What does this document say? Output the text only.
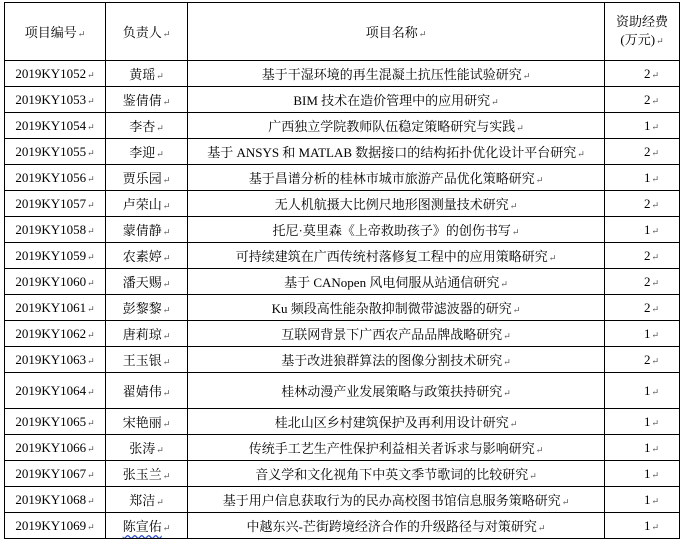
项目编号↵	负责人↵	项目名称↵	资助经费
(万元)↵

2019KY1052↵	黄瑶↵	基于干湿环境的再生混凝土抗压性能试验研究↵	2↵
2019KY1053↵	鉴倩倩↵	BIM 技术在造价管理中的应用研究↵	2↵
2019KY1054↵	李杏↵	广西独立学院教师队伍稳定策略研究与实践↵	1↵
2019KY1055↵	李迎↵	基于 ANSYS 和 MATLAB 数据接口的结构拓扑优化设计平台研究↵	2↵
2019KY1056↵	贾乐园↵	基于昌谱分析的桂林市城市旅游产品优化策略研究↵	1↵
2019KY1057↵	卢荣山↵	无人机航摄大比例尺地形图测量技术研究↵	2↵
2019KY1058↵	蒙倩静↵	托尼·莫里森《上帝救助孩子》的创伤书写↵	1↵
2019KY1059↵	农素婷↵	可持续建筑在广西传统村落修复工程中的应用策略研究↵	2↵
2019KY1060↵	潘天赐↵	基于 CANopen 风电伺服从站通信研究↵	2↵
2019KY1061↵	彭黎黎↵	Ku 频段高性能杂散抑制微带滤波器的研究↵	2↵
2019KY1062↵	唐莉琼↵	互联网背景下广西农产品品牌战略研究↵	1↵
2019KY1063↵	王玉银↵	基于改进狼群算法的图像分割技术研究↵	2↵
2019KY1064↵	翟婧伟↵	桂林动漫产业发展策略与政策扶持研究↵	1↵
2019KY1065↵	宋艳丽↵	桂北山区乡村建筑保护及再利用设计研究↵	1↵
2019KY1066↵	张涛↵	传统手工艺生产性保护利益相关者诉求与影响研究↵	1↵
2019KY1067↵	张玉兰↵	音义学和文化视角下中英文季节歌词的比较研究↵	1↵
2019KY1068↵	郑洁↵	基于用户信息获取行为的民办高校图书馆信息服务策略研究↵	1↵
2019KY1069↵	陈宣佑↵	中越东兴-芒街跨境经济合作的升级路径与对策研究↵	1↵
